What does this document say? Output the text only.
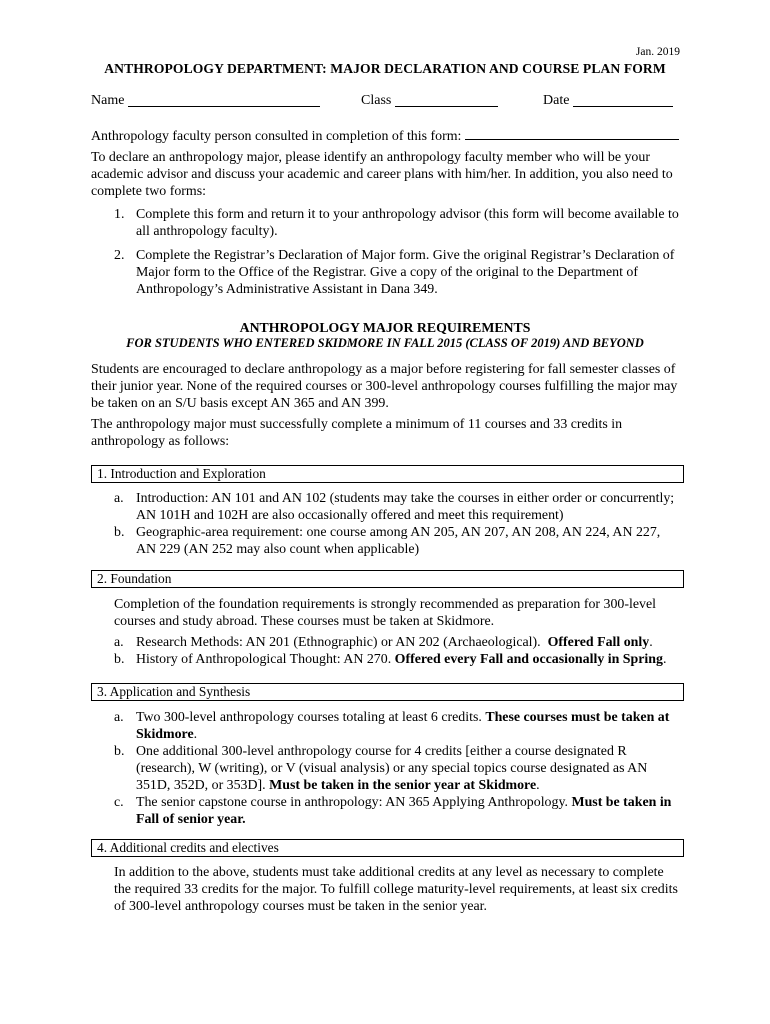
Jan. 2019
ANTHROPOLOGY DEPARTMENT: MAJOR DECLARATION AND COURSE PLAN FORM
Name	Class	Date
Anthropology faculty person consulted in completion of this form:
To declare an anthropology major, please identify an anthropology faculty member who will be your academic advisor and discuss your academic and career plans with him/her. In addition, you also need to complete two forms:
1. Complete this form and return it to your anthropology advisor (this form will become available to all anthropology faculty).
2. Complete the Registrar’s Declaration of Major form. Give the original Registrar’s Declaration of Major form to the Office of the Registrar. Give a copy of the original to the Department of Anthropology’s Administrative Assistant in Dana 349.
ANTHROPOLOGY MAJOR REQUIREMENTS
FOR STUDENTS WHO ENTERED SKIDMORE IN FALL 2015 (CLASS OF 2019) AND BEYOND
Students are encouraged to declare anthropology as a major before registering for fall semester classes of their junior year. None of the required courses or 300-level anthropology courses fulfilling the major may be taken on an S/U basis except AN 365 and AN 399.
The anthropology major must successfully complete a minimum of 11 courses and 33 credits in anthropology as follows:
1. Introduction and Exploration
a. Introduction: AN 101 and AN 102 (students may take the courses in either order or concurrently; AN 101H and 102H are also occasionally offered and meet this requirement)
b. Geographic-area requirement: one course among AN 205, AN 207, AN 208, AN 224, AN 227, AN 229 (AN 252 may also count when applicable)
2. Foundation
Completion of the foundation requirements is strongly recommended as preparation for 300-level courses and study abroad. These courses must be taken at Skidmore.
a. Research Methods: AN 201 (Ethnographic) or AN 202 (Archaeological). Offered Fall only.
b. History of Anthropological Thought: AN 270. Offered every Fall and occasionally in Spring.
3. Application and Synthesis
a. Two 300-level anthropology courses totaling at least 6 credits. These courses must be taken at Skidmore.
b. One additional 300-level anthropology course for 4 credits [either a course designated R (research), W (writing), or V (visual analysis) or any special topics course designated as AN 351D, 352D, or 353D]. Must be taken in the senior year at Skidmore.
c. The senior capstone course in anthropology: AN 365 Applying Anthropology. Must be taken in Fall of senior year.
4. Additional credits and electives
In addition to the above, students must take additional credits at any level as necessary to complete the required 33 credits for the major. To fulfill college maturity-level requirements, at least six credits of 300-level anthropology courses must be taken in the senior year.
